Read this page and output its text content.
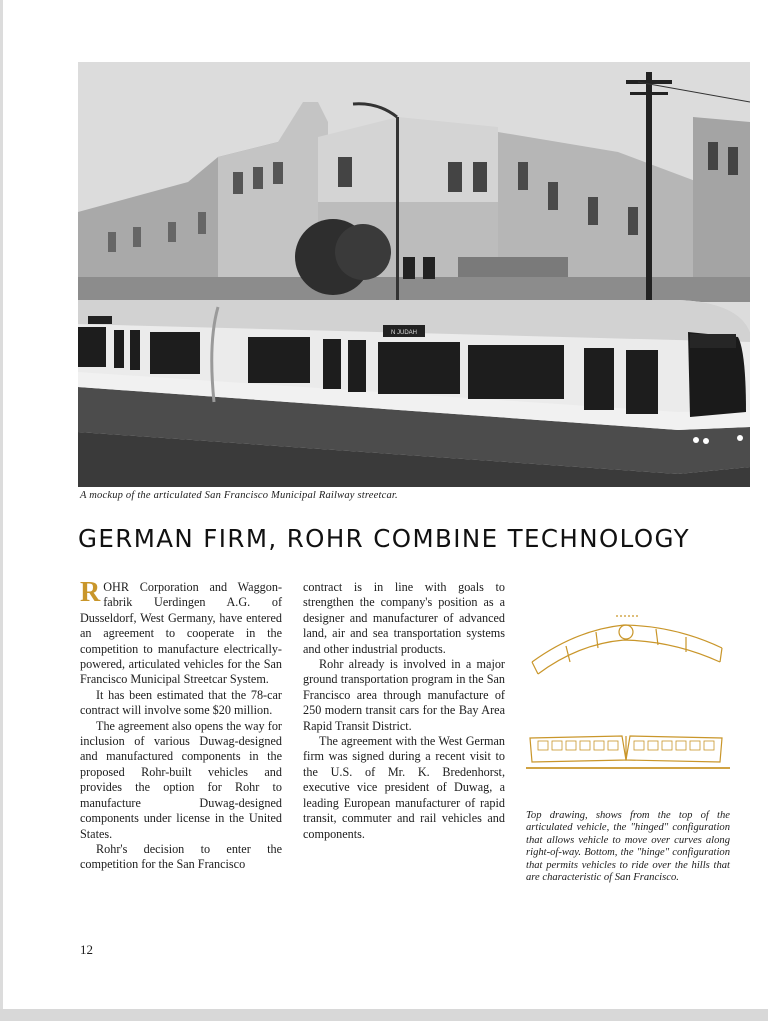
N JUDAH
A mockup of the articulated San Francisco Municipal Railway streetcar.
GERMAN FIRM, ROHR COMBINE TECHNOLOGY

ROHR Corporation and Waggon-fabrik Uerdingen A.G. of Dusseldorf, West Germany, have entered an agreement to cooperate in the competition to manufacture electrically-powered, articulated vehicles for the San Francisco Municipal Streetcar System.

It has been estimated that the 78-car contract will involve some $20 million.

The agreement also opens the way for inclusion of various Duwag-designed and manufactured components in the proposed Rohr-built vehicles and provides the option for Rohr to manufacture Duwag-designed components under license in the United States.

Rohr's decision to enter the competition for the San Francisco

contract is in line with goals to strengthen the company's position as a designer and manufacturer of advanced land, air and sea transportation systems and other industrial products.

Rohr already is involved in a major ground transportation program in the San Francisco area through manufacture of 250 modern transit cars for the Bay Area Rapid Transit District.

The agreement with the West German firm was signed during a recent visit to the U.S. of Mr. K. Bredenhorst, executive vice president of Duwag, a leading European manufacturer of rapid transit, commuter and rail vehicles and components.

Top drawing, shows from the top of the articulated vehicle, the "hinged" configuration that allows vehicle to move over curves along right-of-way. Bottom, the "hinge" configuration that permits vehicles to ride over the hills that are characteristic of San Francisco.
12
